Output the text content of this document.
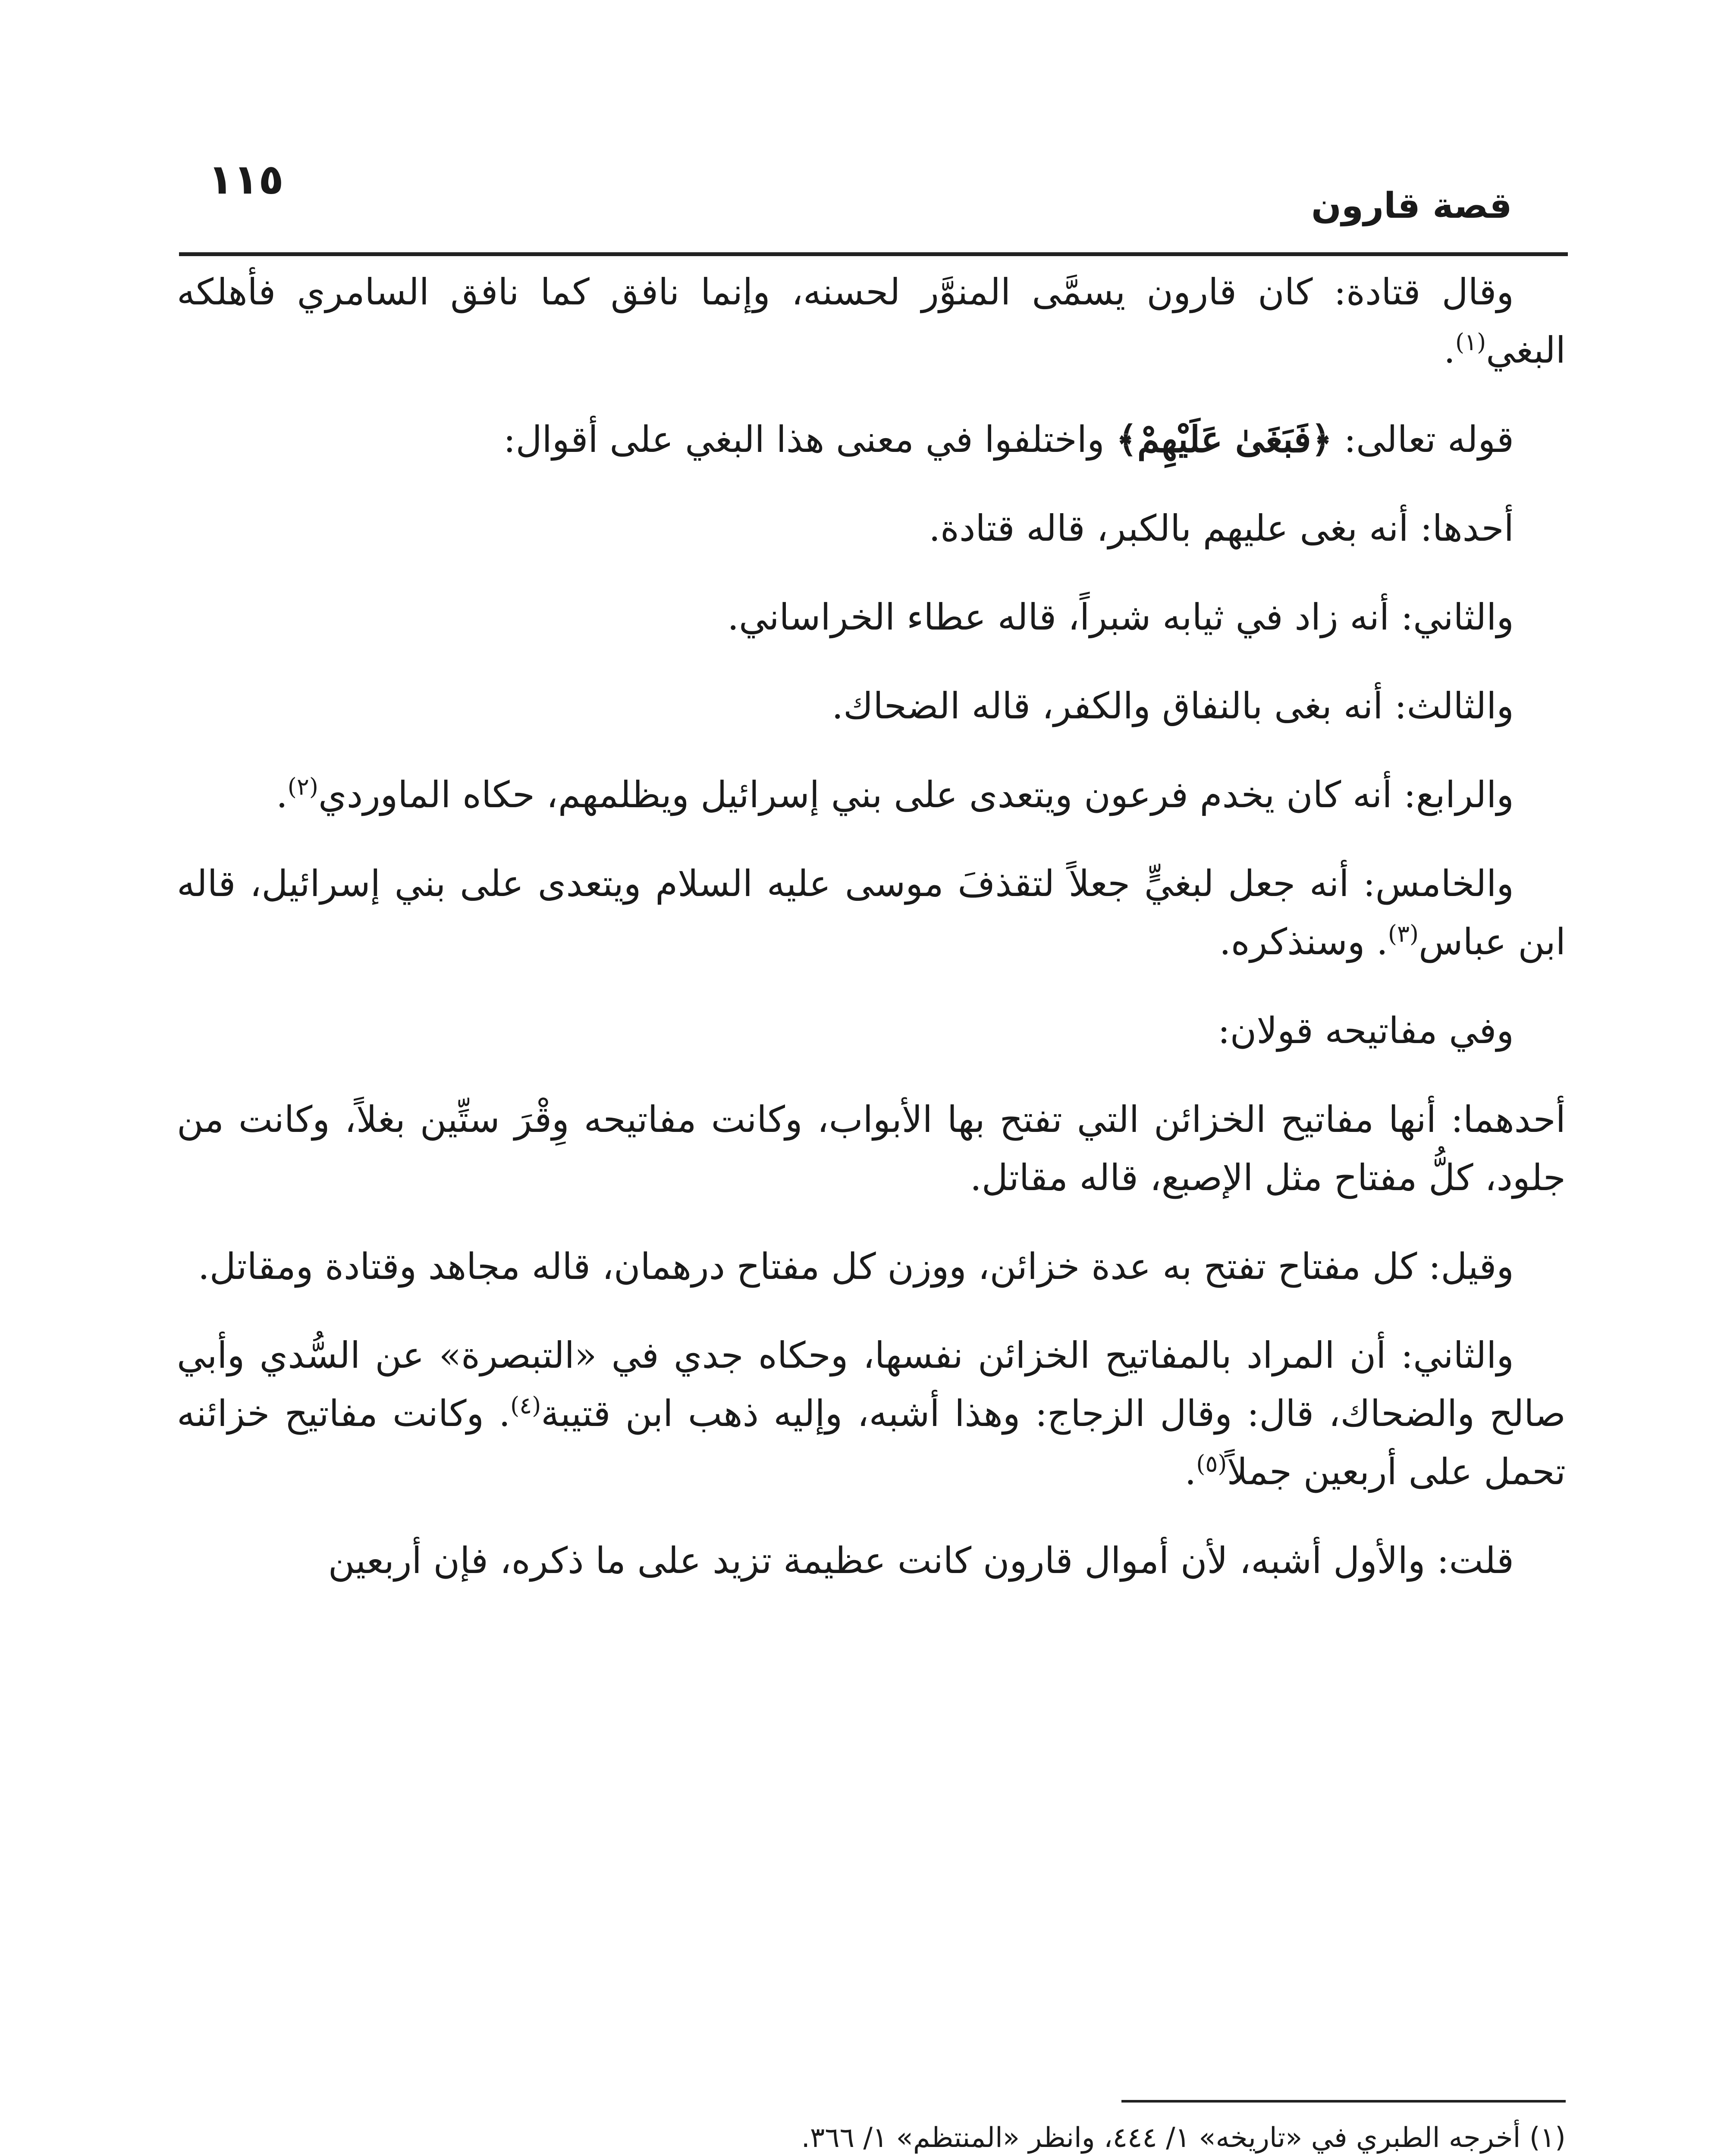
قصة قارون
١١٥

وقال قتادة: كان قارون يسمَّى المنوَّر لحسنه، وإنما نافق كما نافق السامري فأهلكه البغي$^{(١)}$.

قوله تعالى: ﴿فَبَغَىٰ عَلَيْهِمْ﴾ واختلفوا في معنى هذا البغي على أقوال:

أحدها: أنه بغى عليهم بالكبر، قاله قتادة.

والثاني: أنه زاد في ثيابه شبراً، قاله عطاء الخراساني.

والثالث: أنه بغى بالنفاق والكفر، قاله الضحاك.

والرابع: أنه كان يخدم فرعون ويتعدى على بني إسرائيل ويظلمهم، حكاه الماوردي$^{(٢)}$.

والخامس: أنه جعل لبغيٍّ جعلاً لتقذفَ موسى عليه السلام ويتعدى على بني إسرائيل، قاله ابن عباس$^{(٣)}$. وسنذكره.

وفي مفاتيحه قولان:

أحدهما: أنها مفاتيح الخزائن التي تفتح بها الأبواب، وكانت مفاتيحه وِقْرَ ستِّين بغلاً، وكانت من جلود، كلُّ مفتاح مثل الإصبع، قاله مقاتل.

وقيل: كل مفتاح تفتح به عدة خزائن، ووزن كل مفتاح درهمان، قاله مجاهد وقتادة ومقاتل.

والثاني: أن المراد بالمفاتيح الخزائن نفسها، وحكاه جدي في «التبصرة» عن السُّدي وأبي صالح والضحاك، قال: وقال الزجاج: وهذا أشبه، وإليه ذهب ابن قتيبة$^{(٤)}$. وكانت مفاتيح خزائنه تحمل على أربعين جملاً$^{(٥)}$.

قلت: والأول أشبه، لأن أموال قارون كانت عظيمة تزيد على ما ذكره، فإن أربعين

(١) أخرجه الطبري في «تاريخه» ١/ ٤٤٤، وانظر «المنتظم» ١/ ٣٦٦.
